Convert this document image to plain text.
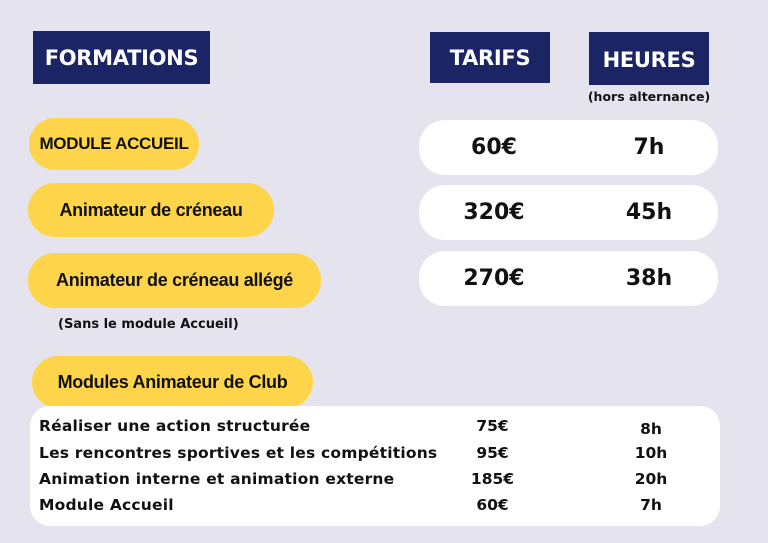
FORMATIONS	TARIFS	HEURES
(hors alternance)
MODULE ACCUEIL	60€	7h
Animateur de créneau	320€	45h
Animateur de créneau allégé	270€	38h
(Sans le module Accueil)
Modules Animateur de Club
Réaliser une action structurée	75€	8h
Les rencontres sportives et les compétitions	95€	10h
Animation interne et animation externe	185€	20h
Module Accueil	60€	7h
